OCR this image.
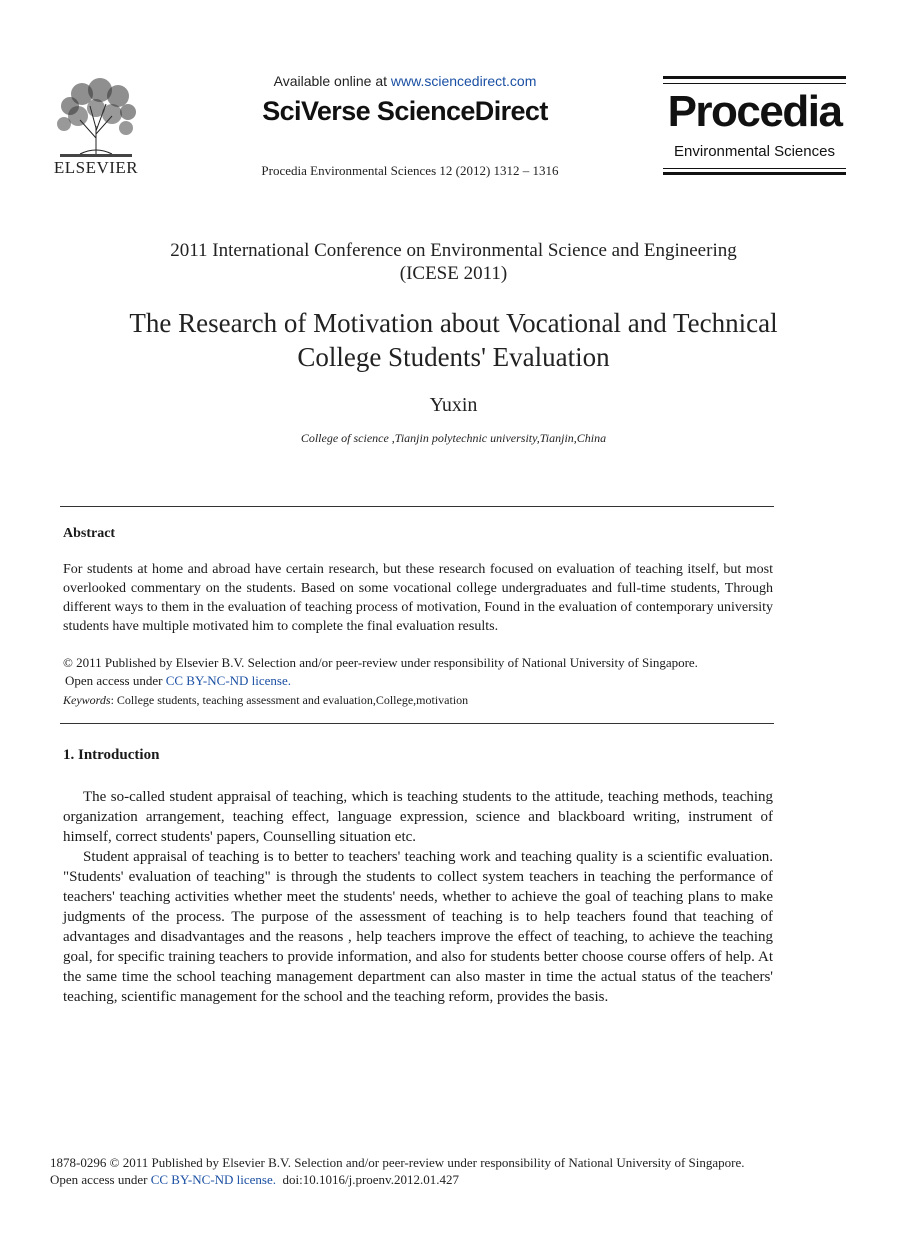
ELSEVIER
Available online at www.sciencedirect.com
SciVerse ScienceDirect
Procedia Environmental Sciences 12 (2012) 1312 – 1316
Procedia
Environmental Sciences
2011 International Conference on Environmental Science and Engineering
(ICESE 2011)
The Research of Motivation about Vocational and Technical
College Students' Evaluation
Yuxin
College of science ,Tianjin polytechnic university,Tianjin,China
Abstract
For students at home and abroad have certain research, but these research focused on evaluation of teaching itself, but most overlooked commentary on the students. Based on some vocational college undergraduates and full-time students, Through different ways to them in the evaluation of teaching process of motivation, Found in the evaluation of contemporary university students have multiple motivated him to complete the final evaluation results.
© 2011 Published by Elsevier B.V. Selection and/or peer-review under responsibility of National University of Singapore.
Open access under CC BY-NC-ND license.
Keywords: College students, teaching assessment and evaluation,College,motivation
1. Introduction

The so-called student appraisal of teaching, which is teaching students to the attitude, teaching methods, teaching organization arrangement, teaching effect, language expression, science and blackboard writing, instrument of himself, correct students' papers, Counselling situation etc.

Student appraisal of teaching is to better to teachers' teaching work and teaching quality is a scientific evaluation. "Students' evaluation of teaching" is through the students to collect system teachers in teaching the performance of teachers' teaching activities whether meet the students' needs, whether to achieve the goal of teaching plans to make judgments of the process. The purpose of the assessment of teaching is to help teachers found that teaching of advantages and disadvantages and the reasons , help teachers improve the effect of teaching, to achieve the teaching goal, for specific training teachers to provide information, and also for students better choose course offers of help. At the same time the school teaching management department can also master in time the actual status of the teachers' teaching, scientific management for the school and the teaching reform, provides the basis.

1878-0296 © 2011 Published by Elsevier B.V. Selection and/or peer-review under responsibility of National University of Singapore.
Open access under CC BY-NC-ND license. doi:10.1016/j.proenv.2012.01.427
